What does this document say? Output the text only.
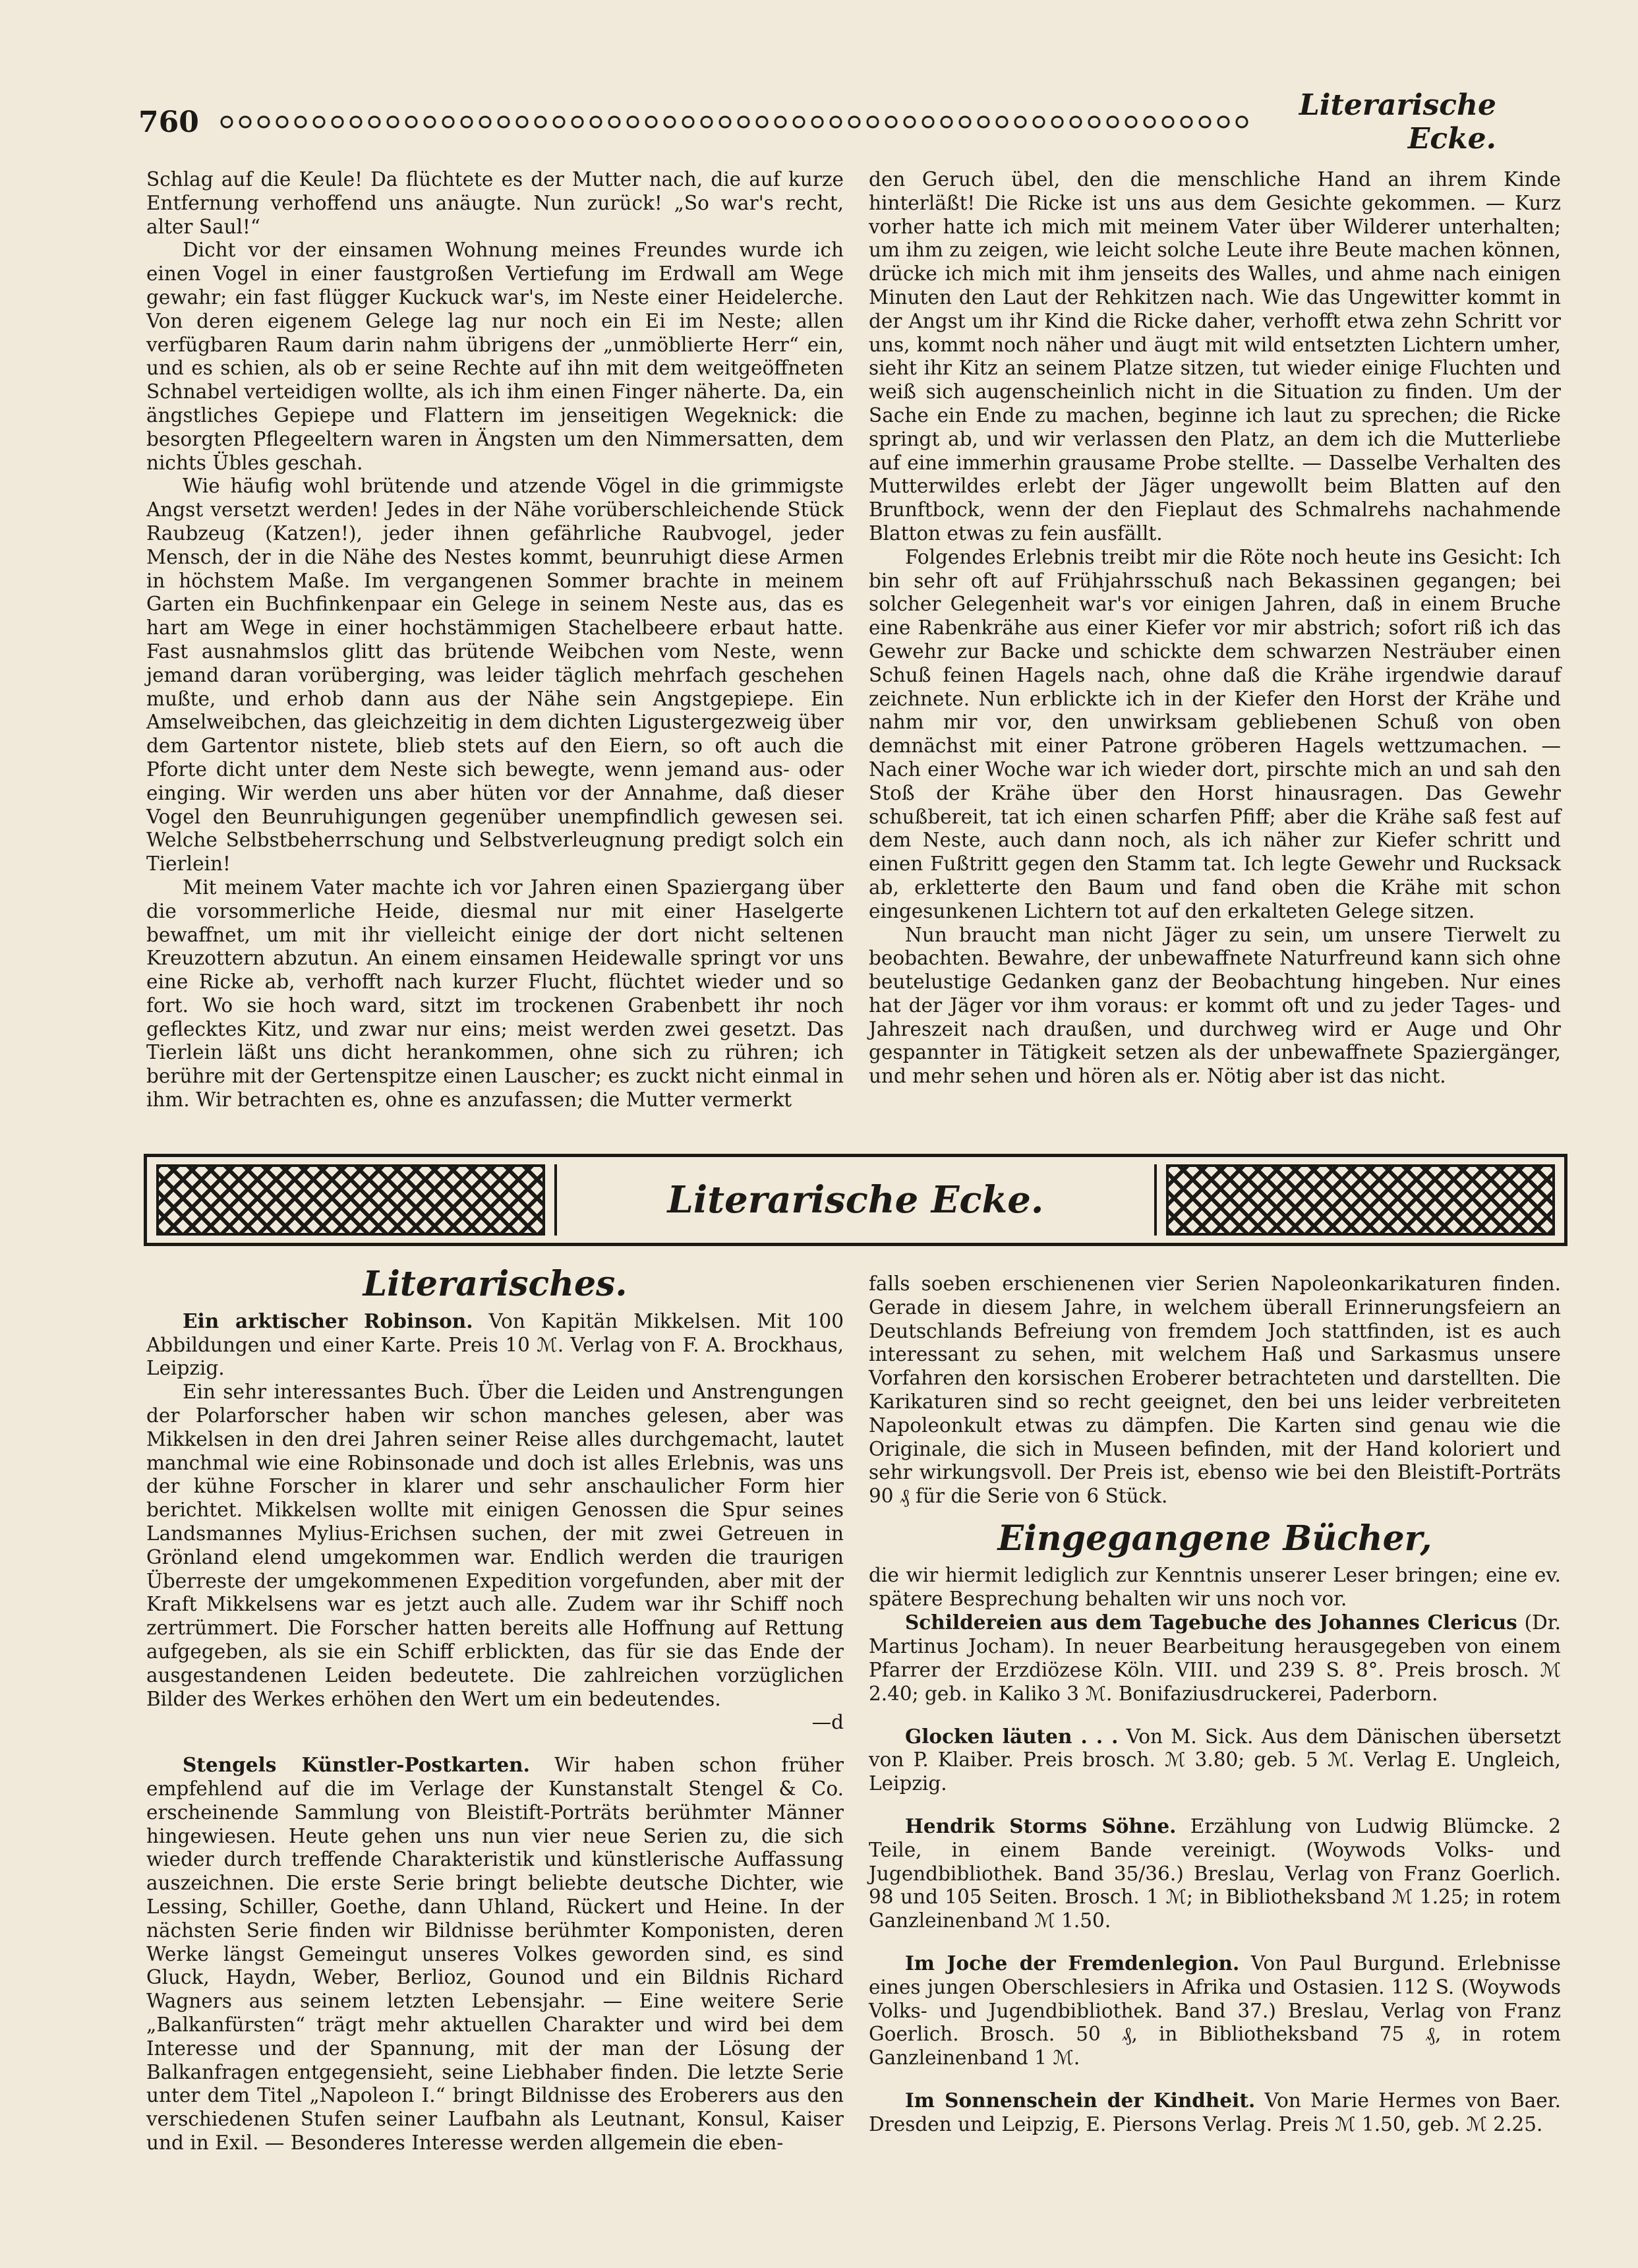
760	Literarische Ecke.

Schlag auf die Keule! Da flüchtete es der Mutter nach, die auf kurze Entfernung verhoffend uns anäugte. Nun zurück! „So war's recht, alter Saul!“

Dicht vor der einsamen Wohnung meines Freundes wurde ich einen Vogel in einer faustgroßen Vertiefung im Erdwall am Wege gewahr; ein fast flügger Kuckuck war's, im Neste einer Heidelerche. Von deren eigenem Gelege lag nur noch ein Ei im Neste; allen verfügbaren Raum darin nahm übrigens der „unmöblierte Herr“ ein, und es schien, als ob er seine Rechte auf ihn mit dem weitgeöffneten Schnabel verteidigen wollte, als ich ihm einen Finger näherte. Da, ein ängstliches Gepiepe und Flattern im jenseitigen Wegeknick: die besorgten Pflegeeltern waren in Ängsten um den Nimmersatten, dem nichts Übles geschah.

Wie häufig wohl brütende und atzende Vögel in die grimmigste Angst versetzt werden! Jedes in der Nähe vorüberschleichende Stück Raubzeug (Katzen!), jeder ihnen gefährliche Raubvogel, jeder Mensch, der in die Nähe des Nestes kommt, beunruhigt diese Armen in höchstem Maße. Im vergangenen Sommer brachte in meinem Garten ein Buchfinkenpaar ein Gelege in seinem Neste aus, das es hart am Wege in einer hochstämmigen Stachelbeere erbaut hatte. Fast ausnahmslos glitt das brütende Weibchen vom Neste, wenn jemand daran vorüberging, was leider täglich mehrfach geschehen mußte, und erhob dann aus der Nähe sein Angstgepiepe. Ein Amselweibchen, das gleichzeitig in dem dichten Ligustergezweig über dem Gartentor nistete, blieb stets auf den Eiern, so oft auch die Pforte dicht unter dem Neste sich bewegte, wenn jemand aus- oder einging. Wir werden uns aber hüten vor der Annahme, daß dieser Vogel den Beunruhigungen gegenüber unempfindlich gewesen sei. Welche Selbstbeherrschung und Selbstverleugnung predigt solch ein Tierlein!

Mit meinem Vater machte ich vor Jahren einen Spaziergang über die vorsommerliche Heide, diesmal nur mit einer Haselgerte bewaffnet, um mit ihr vielleicht einige der dort nicht seltenen Kreuzottern abzutun. An einem einsamen Heidewalle springt vor uns eine Ricke ab, verhofft nach kurzer Flucht, flüchtet wieder und so fort. Wo sie hoch ward, sitzt im trockenen Grabenbett ihr noch geflecktes Kitz, und zwar nur eins; meist werden zwei gesetzt. Das Tierlein läßt uns dicht herankommen, ohne sich zu rühren; ich berühre mit der Gertenspitze einen Lauscher; es zuckt nicht einmal in ihm. Wir betrachten es, ohne es anzufassen; die Mutter vermerkt

den Geruch übel, den die menschliche Hand an ihrem Kinde hinterläßt! Die Ricke ist uns aus dem Gesichte gekommen. — Kurz vorher hatte ich mich mit meinem Vater über Wilderer unterhalten; um ihm zu zeigen, wie leicht solche Leute ihre Beute machen können, drücke ich mich mit ihm jenseits des Walles, und ahme nach einigen Minuten den Laut der Rehkitzen nach. Wie das Ungewitter kommt in der Angst um ihr Kind die Ricke daher, verhofft etwa zehn Schritt vor uns, kommt noch näher und äugt mit wild entsetzten Lichtern umher, sieht ihr Kitz an seinem Platze sitzen, tut wieder einige Fluchten und weiß sich augenscheinlich nicht in die Situation zu finden. Um der Sache ein Ende zu machen, beginne ich laut zu sprechen; die Ricke springt ab, und wir verlassen den Platz, an dem ich die Mutterliebe auf eine immerhin grausame Probe stellte. — Dasselbe Verhalten des Mutterwildes erlebt der Jäger ungewollt beim Blatten auf den Brunftbock, wenn der den Fieplaut des Schmalrehs nachahmende Blatton etwas zu fein ausfällt.

Folgendes Erlebnis treibt mir die Röte noch heute ins Gesicht: Ich bin sehr oft auf Frühjahrsschuß nach Bekassinen gegangen; bei solcher Gelegenheit war's vor einigen Jahren, daß in einem Bruche eine Rabenkrähe aus einer Kiefer vor mir abstrich; sofort riß ich das Gewehr zur Backe und schickte dem schwarzen Nesträuber einen Schuß feinen Hagels nach, ohne daß die Krähe irgendwie darauf zeichnete. Nun erblickte ich in der Kiefer den Horst der Krähe und nahm mir vor, den unwirksam gebliebenen Schuß von oben demnächst mit einer Patrone gröberen Hagels wettzumachen. — Nach einer Woche war ich wieder dort, pirschte mich an und sah den Stoß der Krähe über den Horst hinausragen. Das Gewehr schußbereit, tat ich einen scharfen Pfiff; aber die Krähe saß fest auf dem Neste, auch dann noch, als ich näher zur Kiefer schritt und einen Fußtritt gegen den Stamm tat. Ich legte Gewehr und Rucksack ab, erkletterte den Baum und fand oben die Krähe mit schon eingesunkenen Lichtern tot auf den erkalteten Gelege sitzen.

Nun braucht man nicht Jäger zu sein, um unsere Tierwelt zu beobachten. Bewahre, der unbewaffnete Naturfreund kann sich ohne beutelustige Gedanken ganz der Beobachtung hingeben. Nur eines hat der Jäger vor ihm voraus: er kommt oft und zu jeder Tages- und Jahreszeit nach draußen, und durchweg wird er Auge und Ohr gespannter in Tätigkeit setzen als der unbewaffnete Spaziergänger, und mehr sehen und hören als er. Nötig aber ist das nicht.

Literarische Ecke.
Literarisches.

Ein arktischer Robinson. Von Kapitän Mikkelsen. Mit 100 Abbildungen und einer Karte. Preis 10 ℳ. Verlag von F. A. Brockhaus, Leipzig.

Ein sehr interessantes Buch. Über die Leiden und Anstrengungen der Polarforscher haben wir schon manches gelesen, aber was Mikkelsen in den drei Jahren seiner Reise alles durchgemacht, lautet manchmal wie eine Robinsonade und doch ist alles Erlebnis, was uns der kühne Forscher in klarer und sehr anschaulicher Form hier berichtet. Mikkelsen wollte mit einigen Genossen die Spur seines Landsmannes Mylius-Erichsen suchen, der mit zwei Getreuen in Grönland elend umgekommen war. Endlich werden die traurigen Überreste der umgekommenen Expedition vorgefunden, aber mit der Kraft Mikkelsens war es jetzt auch alle. Zudem war ihr Schiff noch zertrümmert. Die Forscher hatten bereits alle Hoffnung auf Rettung aufgegeben, als sie ein Schiff erblickten, das für sie das Ende der ausgestandenen Leiden bedeutete. Die zahlreichen vorzüglichen Bilder des Werkes erhöhen den Wert um ein bedeutendes.

—d

Stengels Künstler-Postkarten. Wir haben schon früher empfehlend auf die im Verlage der Kunstanstalt Stengel & Co. erscheinende Sammlung von Bleistift-Porträts berühmter Männer hingewiesen. Heute gehen uns nun vier neue Serien zu, die sich wieder durch treffende Charakteristik und künstlerische Auffassung auszeichnen. Die erste Serie bringt beliebte deutsche Dichter, wie Lessing, Schiller, Goethe, dann Uhland, Rückert und Heine. In der nächsten Serie finden wir Bildnisse berühmter Komponisten, deren Werke längst Gemeingut unseres Volkes geworden sind, es sind Gluck, Haydn, Weber, Berlioz, Gounod und ein Bildnis Richard Wagners aus seinem letzten Lebensjahr. — Eine weitere Serie „Balkanfürsten“ trägt mehr aktuellen Charakter und wird bei dem Interesse und der Spannung, mit der man der Lösung der Balkanfragen entgegensieht, seine Liebhaber finden. Die letzte Serie unter dem Titel „Napoleon I.“ bringt Bildnisse des Eroberers aus den verschiedenen Stufen seiner Laufbahn als Leutnant, Konsul, Kaiser und in Exil. — Besonderes Interesse werden allgemein die eben-

falls soeben erschienenen vier Serien Napoleonkarikaturen finden. Gerade in diesem Jahre, in welchem überall Erinnerungsfeiern an Deutschlands Befreiung von fremdem Joch stattfinden, ist es auch interessant zu sehen, mit welchem Haß und Sarkasmus unsere Vorfahren den korsischen Eroberer betrachteten und darstellten. Die Karikaturen sind so recht geeignet, den bei uns leider verbreiteten Napoleonkult etwas zu dämpfen. Die Karten sind genau wie die Originale, die sich in Museen befinden, mit der Hand koloriert und sehr wirkungsvoll. Der Preis ist, ebenso wie bei den Bleistift-Porträts 90 ₰ für die Serie von 6 Stück.

Eingegangene Bücher,

die wir hiermit lediglich zur Kenntnis unserer Leser bringen; eine ev. spätere Besprechung behalten wir uns noch vor.

Schildereien aus dem Tagebuche des Johannes Clericus (Dr. Martinus Jocham). In neuer Bearbeitung herausgegeben von einem Pfarrer der Erzdiözese Köln. VIII. und 239 S. 8°. Preis brosch. ℳ 2.40; geb. in Kaliko 3 ℳ. Bonifaziusdruckerei, Paderborn.

Glocken läuten . . . Von M. Sick. Aus dem Dänischen übersetzt von P. Klaiber. Preis brosch. ℳ 3.80; geb. 5 ℳ. Verlag E. Ungleich, Leipzig.

Hendrik Storms Söhne. Erzählung von Ludwig Blümcke. 2 Teile, in einem Bande vereinigt. (Woywods Volks- und Jugendbibliothek. Band 35/36.) Breslau, Verlag von Franz Goerlich. 98 und 105 Seiten. Brosch. 1 ℳ; in Bibliotheksband ℳ 1.25; in rotem Ganzleinenband ℳ 1.50.

Im Joche der Fremdenlegion. Von Paul Burgund. Erlebnisse eines jungen Oberschlesiers in Afrika und Ostasien. 112 S. (Woywods Volks- und Jugendbibliothek. Band 37.) Breslau, Verlag von Franz Goerlich. Brosch. 50 ₰, in Bibliotheksband 75 ₰, in rotem Ganzleinenband 1 ℳ.

Im Sonnenschein der Kindheit. Von Marie Hermes von Baer. Dresden und Leipzig, E. Piersons Verlag. Preis ℳ 1.50, geb. ℳ 2.25.
